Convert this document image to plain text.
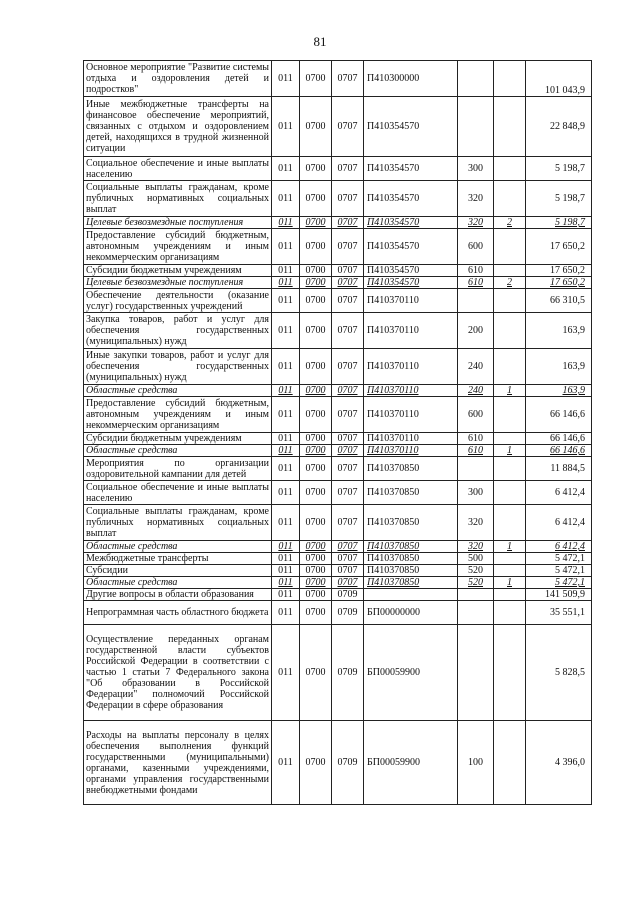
81
Основное мероприятие "Развитие системы отдыха и оздоровления детей и подростков"	011	0700	0707	П410300000			101 043,9
Иные межбюджетные трансферты на финансовое обеспечение мероприятий, связанных с отдыхом и оздоровлением детей, находящихся в трудной жизненной ситуации	011	0700	0707	П410354570			22 848,9
Социальное обеспечение и иные выплаты населению	011	0700	0707	П410354570	300		5 198,7
Социальные выплаты гражданам, кроме публичных нормативных социальных выплат	011	0700	0707	П410354570	320		5 198,7
Целевые безвозмездные поступления	011	0700	0707	П410354570	320	2	5 198,7
Предоставление субсидий бюджетным, автономным учреждениям и иным некоммерческим организациям	011	0700	0707	П410354570	600		17 650,2
Субсидии бюджетным учреждениям	011	0700	0707	П410354570	610		17 650,2
Целевые безвозмездные поступления	011	0700	0707	П410354570	610	2	17 650,2
Обеспечение деятельности (оказание услуг) государственных учреждений	011	0700	0707	П410370110			66 310,5
Закупка товаров, работ и услуг для обеспечения государственных (муниципальных) нужд	011	0700	0707	П410370110	200		163,9
Иные закупки товаров, работ и услуг для обеспечения государственных (муниципальных) нужд	011	0700	0707	П410370110	240		163,9
Областные средства	011	0700	0707	П410370110	240	1	163,9
Предоставление субсидий бюджетным, автономным учреждениям и иным некоммерческим организациям	011	0700	0707	П410370110	600		66 146,6
Субсидии бюджетным учреждениям	011	0700	0707	П410370110	610		66 146,6
Областные средства	011	0700	0707	П410370110	610	1	66 146,6
Мероприятия по организации оздоровительной кампании для детей	011	0700	0707	П410370850			11 884,5
Социальное обеспечение и иные выплаты населению	011	0700	0707	П410370850	300		6 412,4
Социальные выплаты гражданам, кроме публичных нормативных социальных выплат	011	0700	0707	П410370850	320		6 412,4
Областные средства	011	0700	0707	П410370850	320	1	6 412,4
Межбюджетные трансферты	011	0700	0707	П410370850	500		5 472,1
Субсидии	011	0700	0707	П410370850	520		5 472,1
Областные средства	011	0700	0707	П410370850	520	1	5 472,1
Другие вопросы в области образования	011	0700	0709				141 509,9
Непрограммная часть областного бюджета	011	0700	0709	БП00000000			35 551,1
Осуществление переданных органам государственной власти субъектов Российской Федерации в соответствии с частью 1 статьи 7 Федерального закона "Об образовании в Российской Федерации" полномочий Российской Федерации в сфере образования	011	0700	0709	БП00059900			5 828,5
Расходы на выплаты персоналу в целях обеспечения выполнения функций государственными (муниципальными) органами, казенными учреждениями, органами управления государственными внебюджетными фондами	011	0700	0709	БП00059900	100		4 396,0
